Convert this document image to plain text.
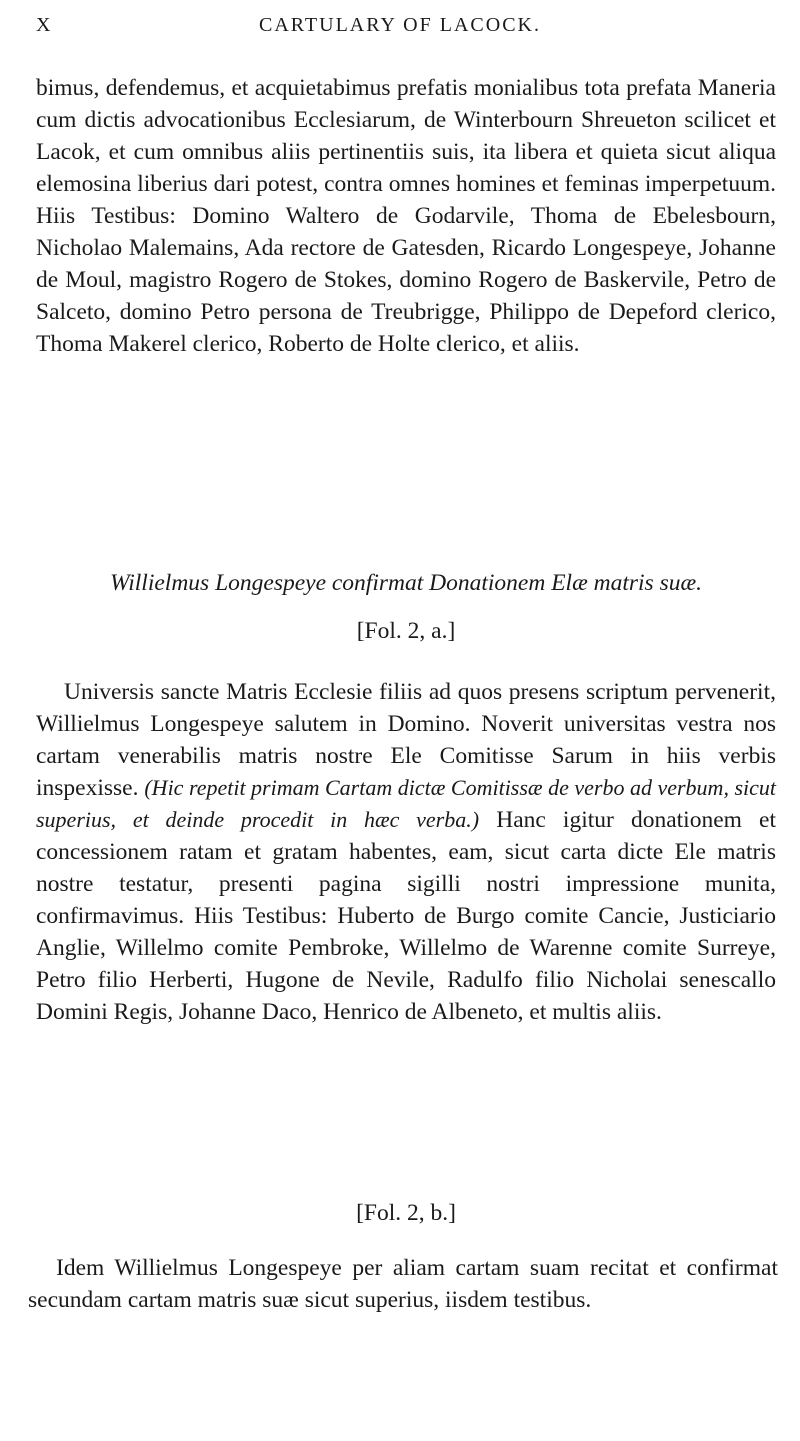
X	CARTULARY OF LACOCK.

bimus, defendemus, et acquietabimus prefatis monialibus tota prefata Maneria cum dictis advocationibus Ecclesiarum, de Winterbourn Shreueton scilicet et Lacok, et cum omnibus aliis pertinentiis suis, ita libera et quieta sicut aliqua elemosina liberius dari potest, contra omnes homines et feminas imperpetuum. Hiis Testibus: Domino Waltero de Godarvile, Thoma de Ebelesbourn, Nicholao Malemains, Ada rectore de Gatesden, Ricardo Longespeye, Johanne de Moul, magistro Rogero de Stokes, domino Rogero de Baskervile, Petro de Salceto, domino Petro persona de Treubrigge, Philippo de Depeford clerico, Thoma Makerel clerico, Roberto de Holte clerico, et aliis.

Willielmus Longespeye confirmat Donationem Elæ matris suæ.
[Fol. 2, a.]

Universis sancte Matris Ecclesie filiis ad quos presens scriptum pervenerit, Willielmus Longespeye salutem in Domino. Noverit universitas vestra nos cartam venerabilis matris nostre Ele Comitisse Sarum in hiis verbis inspexisse. (Hic repetit primam Cartam dictæ Comitissæ de verbo ad verbum, sicut superius, et deinde procedit in hæc verba.) Hanc igitur donationem et concessionem ratam et gratam habentes, eam, sicut carta dicte Ele matris nostre testatur, presenti pagina sigilli nostri impressione munita, confirmavimus. Hiis Testibus: Huberto de Burgo comite Cancie, Justiciario Anglie, Willelmo comite Pembroke, Willelmo de Warenne comite Surreye, Petro filio Herberti, Hugone de Nevile, Radulfo filio Nicholai senescallo Domini Regis, Johanne Daco, Henrico de Albeneto, et multis aliis.

[Fol. 2, b.]

Idem Willielmus Longespeye per aliam cartam suam recitat et confirmat secundam cartam matris suæ sicut superius, iisdem testibus.
